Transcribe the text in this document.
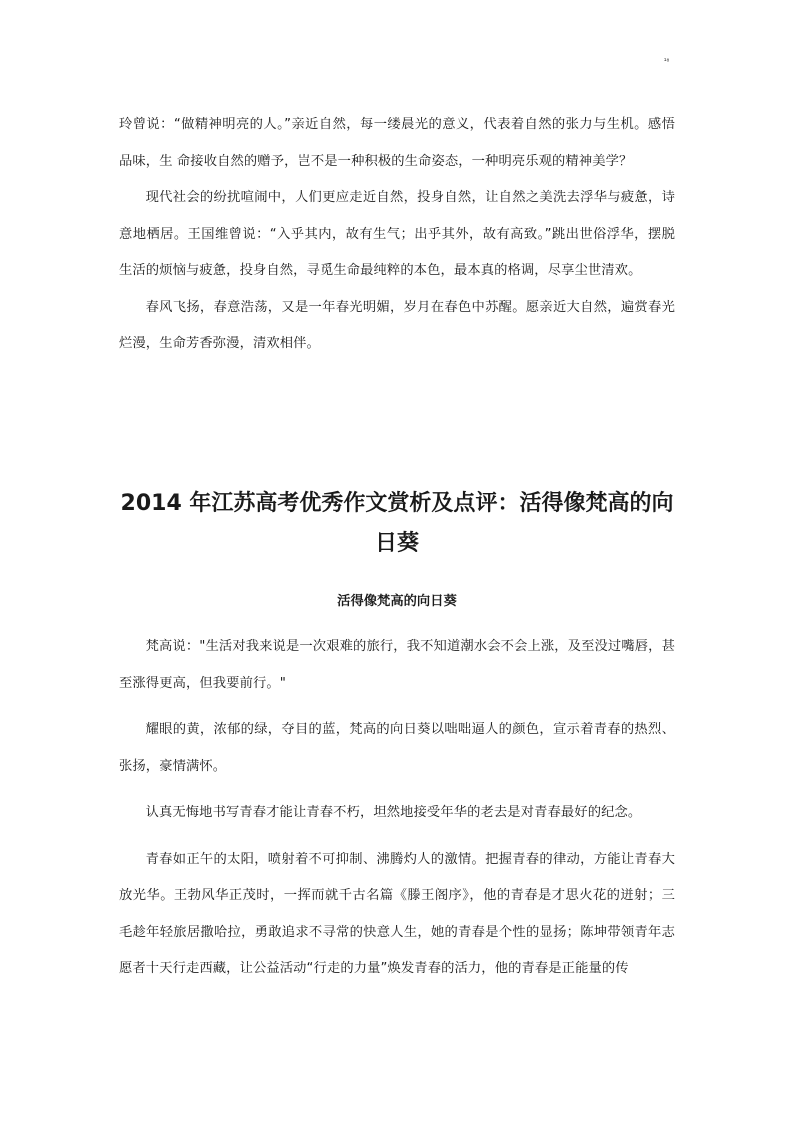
¹⁸

玲曾说：“做精神明亮的人。”亲近自然，每一缕晨光的意义，代表着自然的张力与生机。感悟品味，生 命接收自然的赠予，岂不是一种积极的生命姿态，一种明亮乐观的精神美学？

现代社会的纷扰喧闹中，人们更应走近自然，投身自然，让自然之美洗去浮华与疲惫，诗意地栖居。王国维曾说：“入乎其内，故有生气；出乎其外，故有高致。”跳出世俗浮华，摆脱生活的烦恼与疲惫，投身自然，寻觅生命最纯粹的本色，最本真的格调，尽享尘世清欢。

春风飞扬，春意浩荡，又是一年春光明媚，岁月在春色中苏醒。愿亲近大自然，遍赏春光烂漫，生命芳香弥漫，清欢相伴。

2014 年江苏高考优秀作文赏析及点评：活得像梵高的向日葵
活得像梵高的向日葵

梵高说："生活对我来说是一次艰难的旅行，我不知道潮水会不会上涨，及至没过嘴唇，甚至涨得更高，但我要前行。"

耀眼的黄，浓郁的绿，夺目的蓝，梵高的向日葵以咄咄逼人的颜色，宣示着青春的热烈、张扬，豪情满怀。

认真无悔地书写青春才能让青春不朽，坦然地接受年华的老去是对青春最好的纪念。

青春如正午的太阳，喷射着不可抑制、沸腾灼人的激情。把握青春的律动，方能让青春大放光华。王勃风华正茂时，一挥而就千古名篇《滕王阁序》，他的青春是才思火花的迸射；三毛趁年轻旅居撒哈拉，勇敢追求不寻常的快意人生，她的青春是个性的显扬；陈坤带领青年志愿者十天行走西藏，让公益活动“行走的力量”焕发青春的活力，他的青春是正能量的传
